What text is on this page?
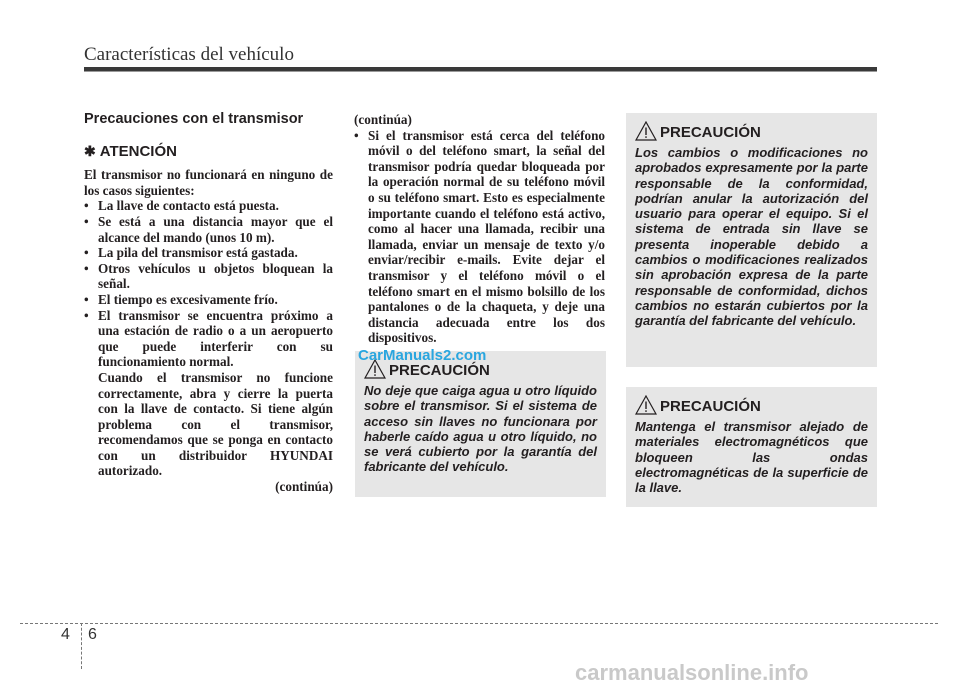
Características del vehículo

Precauciones con el transmisor

✱ ATENCIÓN

El transmisor no funcionará en ninguno de los casos siguientes:

• La llave de contacto está puesta.
• Se está a una distancia mayor que el alcance del mando (unos 10 m).
• La pila del transmisor está gastada.
• Otros vehículos u objetos bloquean la señal.
• El tiempo es excesivamente frío.
• El transmisor se encuentra próximo a una estación de radio o a un aeropuerto que puede interferir con su funcionamiento normal.

Cuando el transmisor no funcione correctamente, abra y cierre la puerta con la llave de contacto. Si tiene algún problema con el transmisor, recomendamos que se ponga en contacto con un distribuidor HYUNDAI autorizado.

(continúa)

(continúa)

• Si el transmisor está cerca del teléfono móvil o del teléfono smart, la señal del transmisor podría quedar bloqueada por la operación normal de su teléfono móvil o su teléfono smart. Esto es especialmente importante cuando el teléfono está activo, como al hacer una llamada, recibir una llamada, enviar un mensaje de texto y/o enviar/recibir e-mails. Evite dejar el transmisor y el teléfono móvil o el teléfono smart en el mismo bolsillo de los pantalones o de la chaqueta, y deje una distancia adecuada entre los dos dispositivos.
PRECAUCIÓN

Los cambios o modificaciones no aprobados expresamente por la parte responsable de la conformidad, podrían anular la autorización del usuario para operar el equipo. Si el sistema de entrada sin llave se presenta inoperable debido a cambios o modificaciones realizados sin aprobación expresa de la parte responsable de conformidad, dichos cambios no estarán cubiertos por la garantía del fabricante del vehículo.

PRECAUCIÓN

No deje que caiga agua u otro líquido sobre el transmisor. Si el sistema de acceso sin llaves no funcionara por haberle caído agua u otro líquido, no se verá cubierto por la garantía del fabricante del vehículo.

PRECAUCIÓN

Mantenga el transmisor alejado de materiales electromagnéticos que bloqueen las ondas electromagnéticas de la superficie de la llave.

CarManuals2.com
4 6
carmanualsonline.info
